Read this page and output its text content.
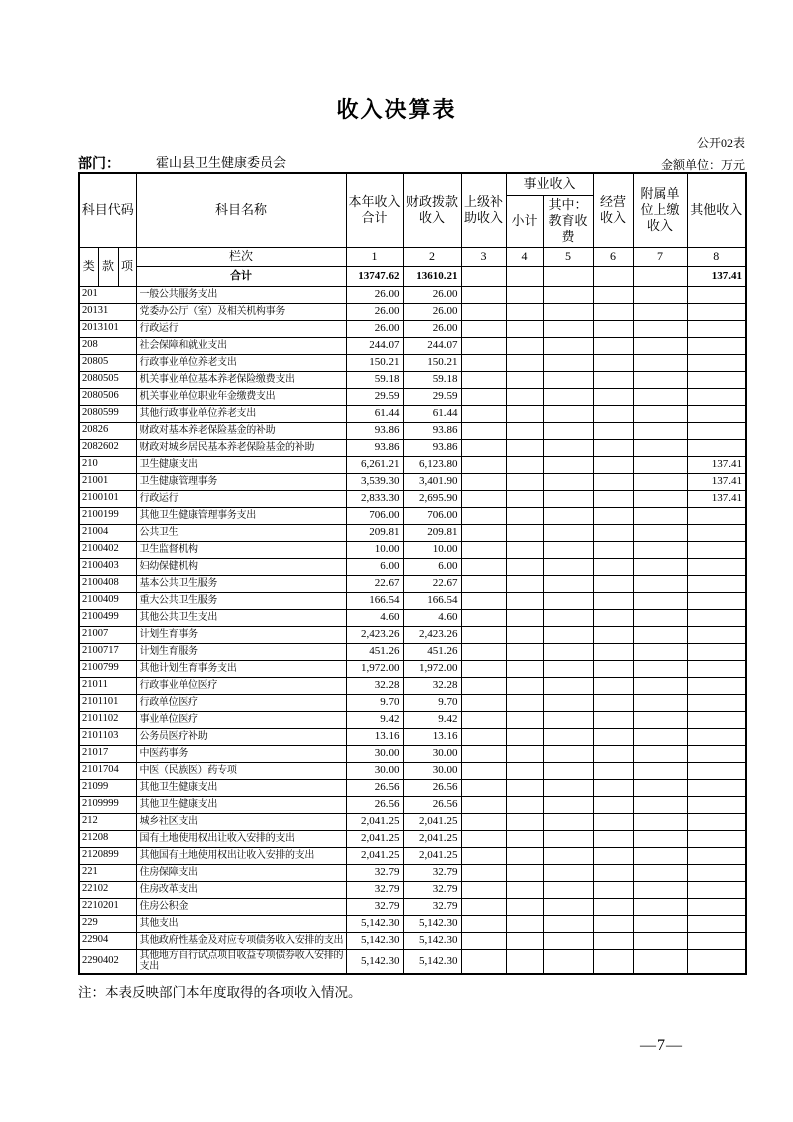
收入决算表
公开02表
部门：	霍山县卫生健康委员会	金额单位：万元
科目代码			科目名称	本年收入合计	财政拨款收入	上级补助收入	事业收入		经营收入	附属单位上缴收入	其他收入
							小计	其中：教育收费			
类	款	项	栏次	1	2	3	4	5	6	7	8
			合计	13747.62	13610.21						137.41
201			一般公共服务支出	26.00	26.00						
20131			党委办公厅（室）及相关机构事务	26.00	26.00						
2013101			行政运行	26.00	26.00						
208			社会保障和就业支出	244.07	244.07						
20805			行政事业单位养老支出	150.21	150.21						
2080505			机关事业单位基本养老保险缴费支出	59.18	59.18						
2080506			机关事业单位职业年金缴费支出	29.59	29.59						
2080599			其他行政事业单位养老支出	61.44	61.44						
20826			财政对基本养老保险基金的补助	93.86	93.86						
2082602			财政对城乡居民基本养老保险基金的补助	93.86	93.86						
210			卫生健康支出	6,261.21	6,123.80						137.41
21001			卫生健康管理事务	3,539.30	3,401.90						137.41
2100101			行政运行	2,833.30	2,695.90						137.41
2100199			其他卫生健康管理事务支出	706.00	706.00						
21004			公共卫生	209.81	209.81						
2100402			卫生监督机构	10.00	10.00						
2100403			妇幼保健机构	6.00	6.00						
2100408			基本公共卫生服务	22.67	22.67						
2100409			重大公共卫生服务	166.54	166.54						
2100499			其他公共卫生支出	4.60	4.60						
21007			计划生育事务	2,423.26	2,423.26						
2100717			计划生育服务	451.26	451.26						
2100799			其他计划生育事务支出	1,972.00	1,972.00						
21011			行政事业单位医疗	32.28	32.28						
2101101			行政单位医疗	9.70	9.70						
2101102			事业单位医疗	9.42	9.42						
2101103			公务员医疗补助	13.16	13.16						
21017			中医药事务	30.00	30.00						
2101704			中医（民族医）药专项	30.00	30.00						
21099			其他卫生健康支出	26.56	26.56						
2109999			其他卫生健康支出	26.56	26.56						
212			城乡社区支出	2,041.25	2,041.25						
21208			国有土地使用权出让收入安排的支出	2,041.25	2,041.25						
2120899			其他国有土地使用权出让收入安排的支出	2,041.25	2,041.25						
221			住房保障支出	32.79	32.79						
22102			住房改革支出	32.79	32.79						
2210201			住房公积金	32.79	32.79						
229			其他支出	5,142.30	5,142.30						
22904			其他政府性基金及对应专项债务收入安排的支出	5,142.30	5,142.30						
2290402			其他地方自行试点项目收益专项债券收入安排的支出	5,142.30	5,142.30						
注：本表反映部门本年度取得的各项收入情况。
—7—
